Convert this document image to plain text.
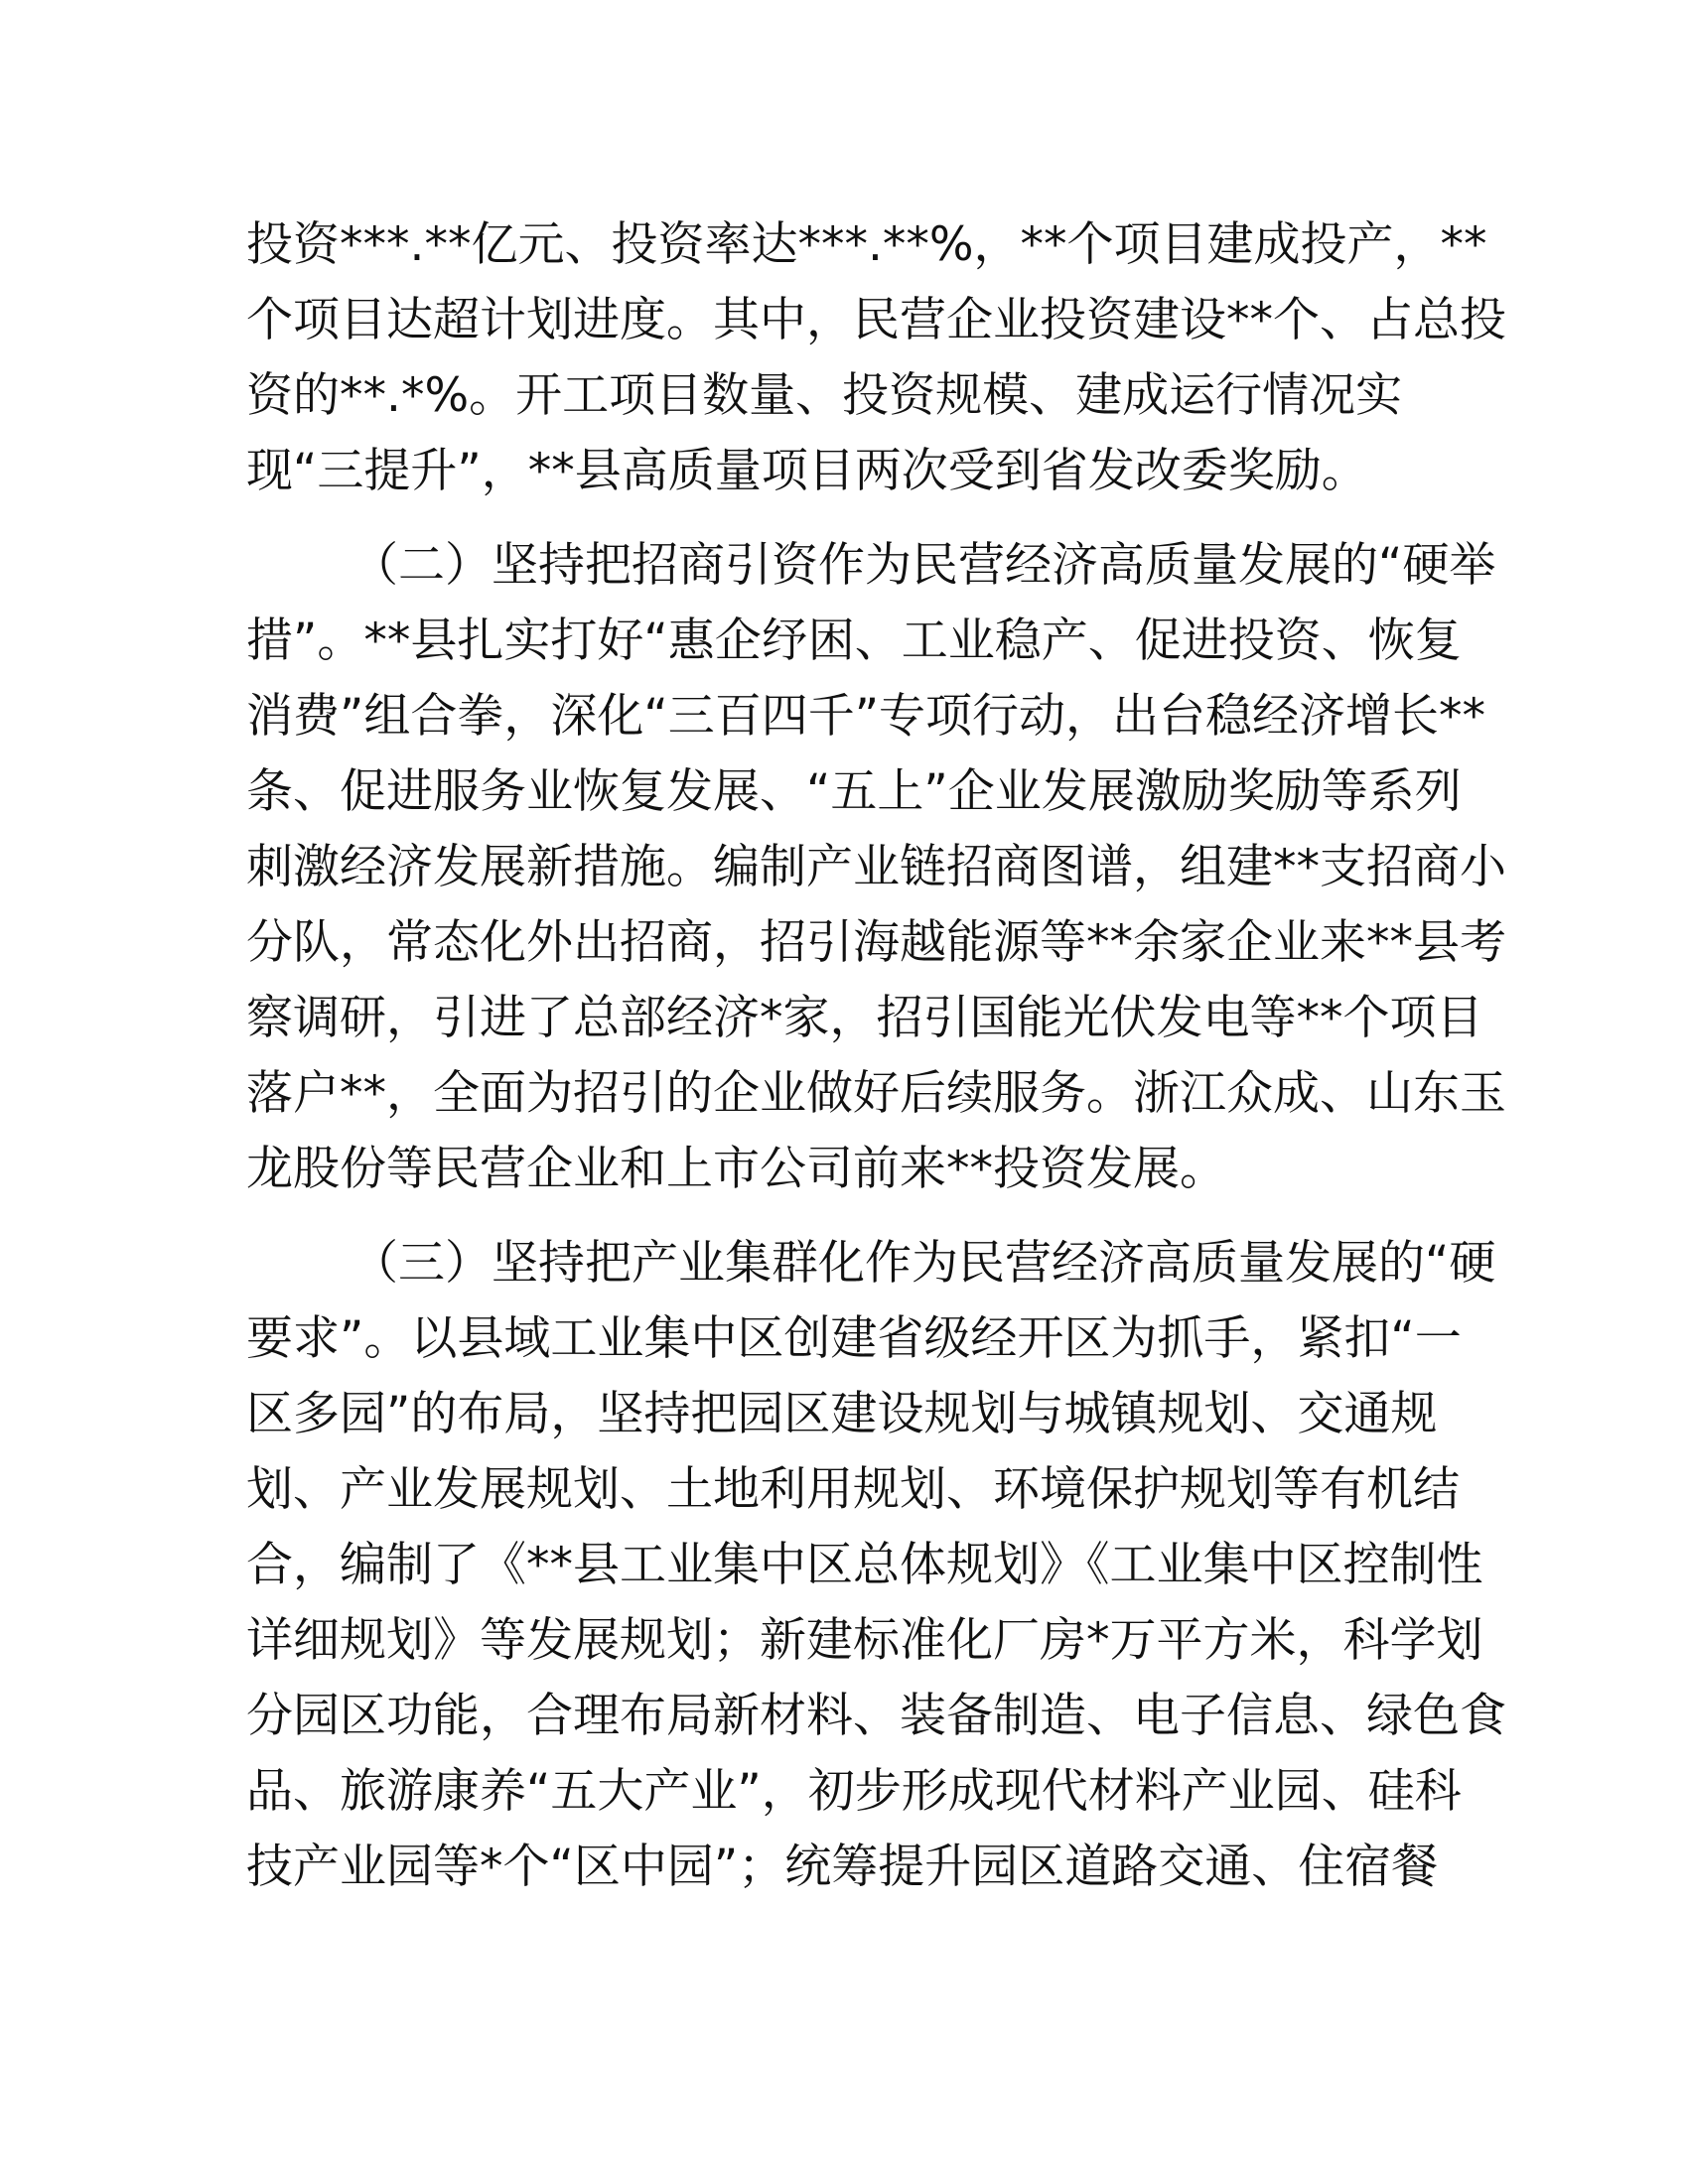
投资***.**亿元、投资率达***.**%，**个项目建成投产，**
个项目达超计划进度。其中，民营企业投资建设**个、占总投
资的**.*%。开工项目数量、投资规模、建成运行情况实
现“三提升”，**县高质量项目两次受到省发改委奖励。
（二）坚持把招商引资作为民营经济高质量发展的“硬举
措”。**县扎实打好“惠企纾困、工业稳产、促进投资、恢复
消费”组合拳，深化“三百四千”专项行动，出台稳经济增长**
条、促进服务业恢复发展、“五上”企业发展激励奖励等系列
刺激经济发展新措施。编制产业链招商图谱，组建**支招商小
分队，常态化外出招商，招引海越能源等**余家企业来**县考
察调研，引进了总部经济*家，招引国能光伏发电等**个项目
落户**，全面为招引的企业做好后续服务。浙江众成、山东玉
龙股份等民营企业和上市公司前来**投资发展。
（三）坚持把产业集群化作为民营经济高质量发展的“硬
要求”。以县域工业集中区创建省级经开区为抓手，紧扣“一
区多园”的布局，坚持把园区建设规划与城镇规划、交通规
划、产业发展规划、土地利用规划、环境保护规划等有机结
合，编制了《**县工业集中区总体规划》《工业集中区控制性
详细规划》等发展规划；新建标准化厂房*万平方米，科学划
分园区功能，合理布局新材料、装备制造、电子信息、绿色食
品、旅游康养“五大产业”，初步形成现代材料产业园、硅科
技产业园等*个“区中园”；统筹提升园区道路交通、住宿餐
